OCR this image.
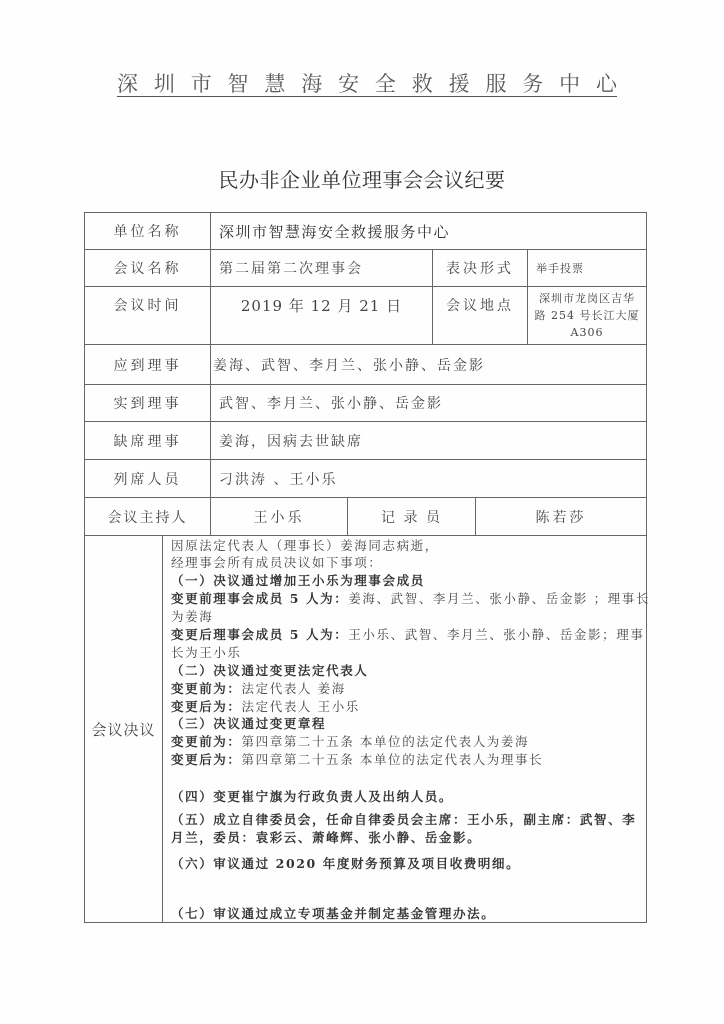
深 圳 市 智 慧 海 安 全 救 援 服 务 中 心
民办非企业单位理事会会议纪要
单位名称	深圳市智慧海安全救援服务中心
会议名称	第二届第二次理事会	表决形式	举手投票
会议时间	2019 年 12 月 21 日	会议地点	深圳市龙岗区吉华
路 254 号长江大厦
A306
应到理事	姜海、武智、李月兰、张小静、岳金影
实到理事	武智、李月兰、张小静、岳金影
缺席理事	姜海，因病去世缺席
列席人员	刁洪涛 、王小乐
会议主持人	王小乐	记 录 员	陈若莎
会议决议
因原法定代表人（理事长）姜海同志病逝，
经理事会所有成员决议如下事项：
（一）决议通过增加王小乐为理事会成员
变更前理事会成员 5 人为：姜海、武智、李月兰、张小静、岳金影 ；理事长
为姜海
变更后理事会成员 5 人为：王小乐、武智、李月兰、张小静、岳金影；理事
长为王小乐
（二）决议通过变更法定代表人
变更前为：法定代表人 姜海
变更后为：法定代表人 王小乐
（三）决议通过变更章程
变更前为：第四章第二十五条 本单位的法定代表人为姜海
变更后为：第四章第二十五条 本单位的法定代表人为理事长
（四）变更崔宁旗为行政负责人及出纳人员。
（五）成立自律委员会，任命自律委员会主席：王小乐，副主席：武智、李
月兰，委员：袁彩云、萧峰辉、张小静、岳金影。
（六）审议通过 2020 年度财务预算及项目收费明细。
（七）审议通过成立专项基金并制定基金管理办法。
